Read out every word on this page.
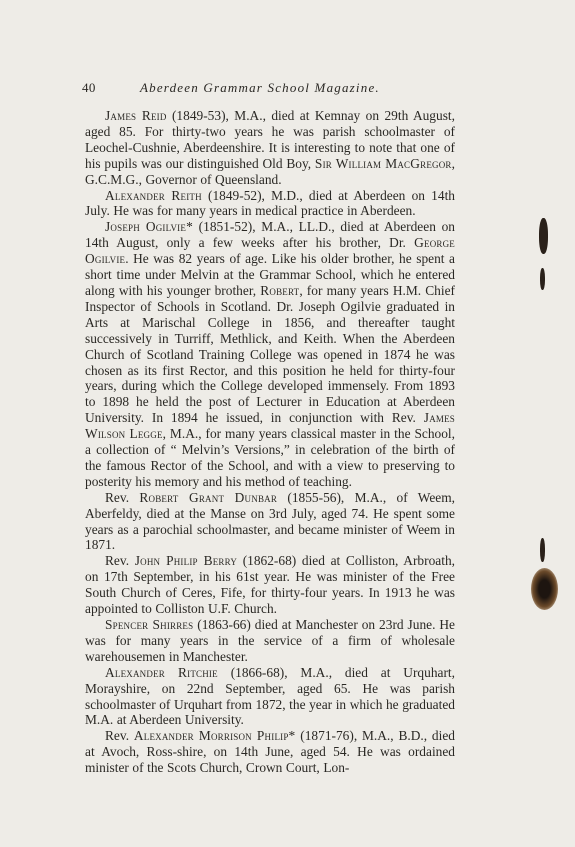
40	Aberdeen Grammar School Magazine.

James Reid (1849-53), M.A., died at Kemnay on 29th August, aged 85. For thirty-two years he was parish schoolmaster of Leochel-Cushnie, Aberdeenshire. It is interesting to note that one of his pupils was our distinguished Old Boy, Sir William MacGregor, G.C.M.G., Governor of Queensland.

Alexander Reith (1849-52), M.D., died at Aberdeen on 14th July. He was for many years in medical practice in Aberdeen.

Joseph Ogilvie* (1851-52), M.A., LL.D., died at Aberdeen on 14th August, only a few weeks after his brother, Dr. George Ogilvie. He was 82 years of age. Like his older brother, he spent a short time under Melvin at the Grammar School, which he entered along with his younger brother, Robert, for many years H.M. Chief Inspector of Schools in Scotland. Dr. Joseph Ogilvie graduated in Arts at Marischal College in 1856, and thereafter taught successively in Turriff, Methlick, and Keith. When the Aberdeen Church of Scotland Training College was opened in 1874 he was chosen as its first Rector, and this position he held for thirty-four years, during which the College developed immensely. From 1893 to 1898 he held the post of Lecturer in Education at Aberdeen University. In 1894 he issued, in conjunction with Rev. James Wilson Legge, M.A., for many years classical master in the School, a collection of “ Melvin’s Versions,” in celebration of the birth of the famous Rector of the School, and with a view to preserving to posterity his memory and his method of teaching.

Rev. Robert Grant Dunbar (1855-56), M.A., of Weem, Aberfeldy, died at the Manse on 3rd July, aged 74. He spent some years as a parochial schoolmaster, and became minister of Weem in 1871.

Rev. John Philip Berry (1862-68) died at Colliston, Arbroath, on 17th September, in his 61st year. He was minister of the Free South Church of Ceres, Fife, for thirty-four years. In 1913 he was appointed to Colliston U.F. Church.

Spencer Shirres (1863-66) died at Manchester on 23rd June. He was for many years in the service of a firm of wholesale warehousemen in Manchester.

Alexander Ritchie (1866-68), M.A., died at Urquhart, Morayshire, on 22nd September, aged 65. He was parish schoolmaster of Urquhart from 1872, the year in which he graduated M.A. at Aberdeen University.

Rev. Alexander Morrison Philip* (1871-76), M.A., B.D., died at Avoch, Ross-shire, on 14th June, aged 54. He was ordained minister of the Scots Church, Crown Court, Lon-
